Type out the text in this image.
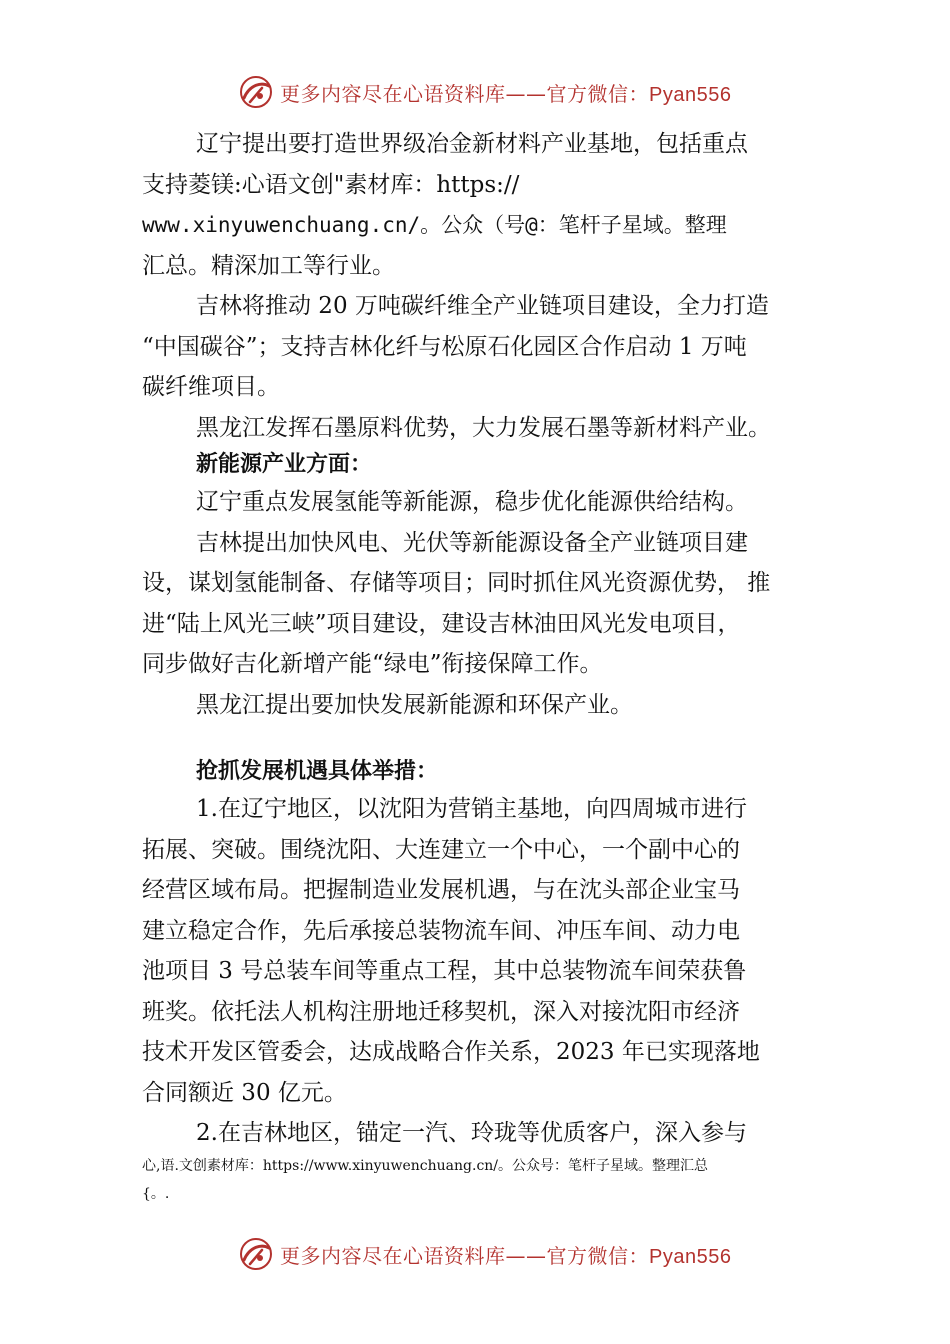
更多内容尽在心语资料库——官方微信：Pyan556
辽宁提出要打造世界级冶金新材料产业基地，包括重点
支持菱镁:心语文创"素材库：https://
www.xinyuwenchuang.cn/。公众（号@：笔杆子星域。整理
汇总。精深加工等行业。
吉林将推动 20 万吨碳纤维全产业链项目建设，全力打造
“中国碳谷”；支持吉林化纤与松原石化园区合作启动 1 万吨
碳纤维项目。
黑龙江发挥石墨原料优势，大力发展石墨等新材料产业。
新能源产业方面：
辽宁重点发展氢能等新能源，稳步优化能源供给结构。
吉林提出加快风电、光伏等新能源设备全产业链项目建
设，谋划氢能制备、存储等项目；同时抓住风光资源优势， 推
进“陆上风光三峡”项目建设，建设吉林油田风光发电项目，
同步做好吉化新增产能“绿电”衔接保障工作。
黑龙江提出要加快发展新能源和环保产业。
抢抓发展机遇具体举措：
1.在辽宁地区，以沈阳为营销主基地，向四周城市进行
拓展、突破。围绕沈阳、大连建立一个中心，一个副中心的
经营区域布局。把握制造业发展机遇，与在沈头部企业宝马
建立稳定合作，先后承接总装物流车间、冲压车间、动力电
池项目 3 号总装车间等重点工程，其中总装物流车间荣获鲁
班奖。依托法人机构注册地迁移契机，深入对接沈阳市经济
技术开发区管委会，达成战略合作关系，2023 年已实现落地
合同额近 30 亿元。
2.在吉林地区，锚定一汽、玲珑等优质客户，深入参与
心,语.文创素材库：https://www.xinyuwenchuang.cn/。公众号：笔杆子星域。整理汇总
{。.
更多内容尽在心语资料库——官方微信：Pyan556
